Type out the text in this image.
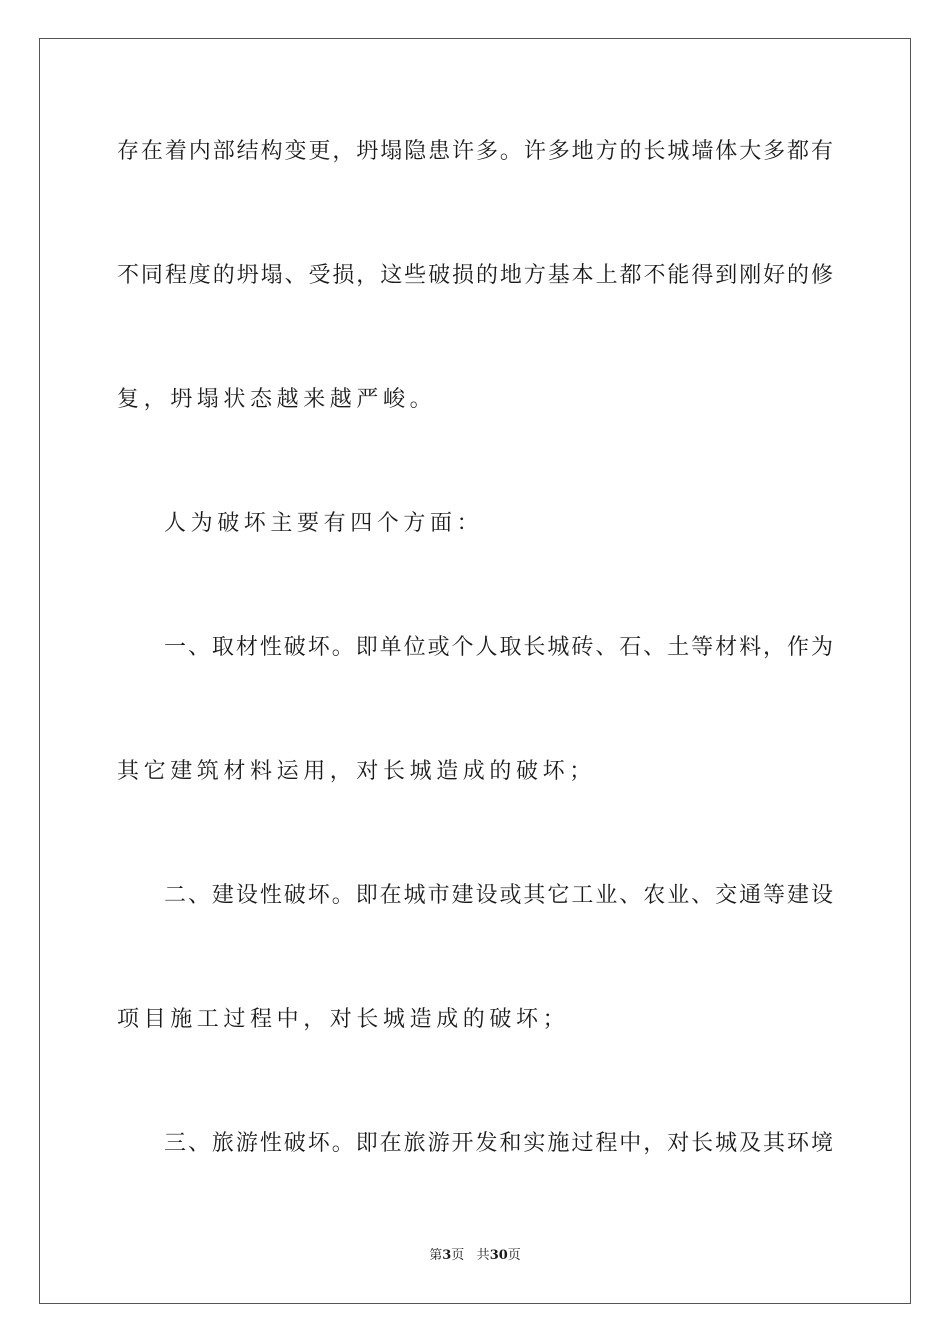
存在着内部结构变更，坍塌隐患许多。许多地方的长城墙体大多都有
不同程度的坍塌、受损，这些破损的地方基本上都不能得到刚好的修
复，坍塌状态越来越严峻。
人为破坏主要有四个方面：
一、取材性破坏。即单位或个人取长城砖、石、土等材料，作为
其它建筑材料运用，对长城造成的破坏；
二、建设性破坏。即在城市建设或其它工业、农业、交通等建设
项目施工过程中，对长城造成的破坏；
三、旅游性破坏。即在旅游开发和实施过程中，对长城及其环境
第3页 共30页
